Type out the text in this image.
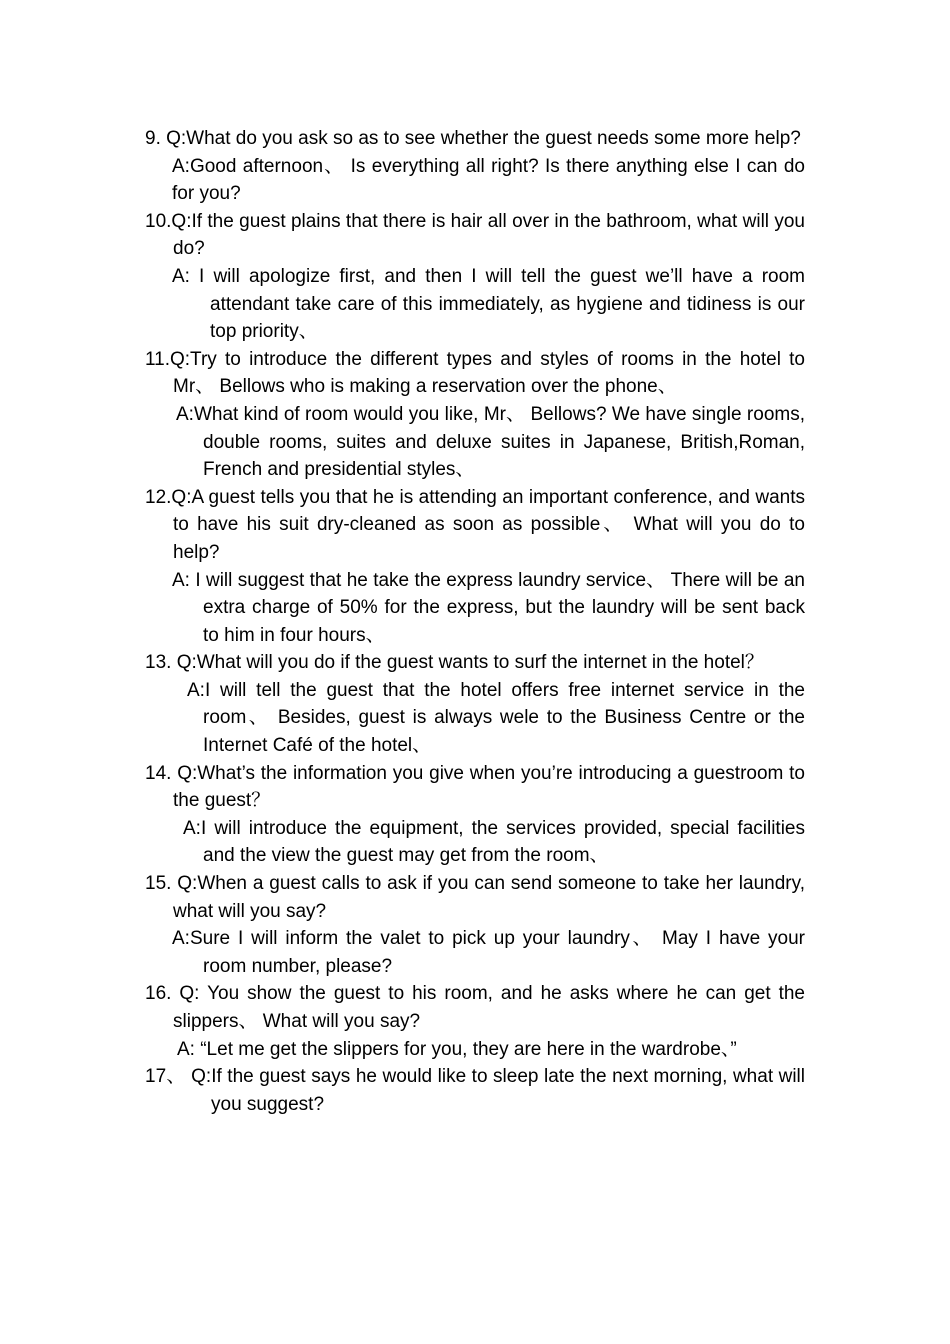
9. Q:What do you ask so as to see whether the guest needs some more help?
A:Good afternoon、 Is everything all right? Is there anything else I can do for you?
10.Q:If the guest plains that there is hair all over in the bathroom, what will you do?
A: I will apologize first, and then I will tell the guest we’ll have a room attendant take care of this immediately, as hygiene and tidiness is our top priority、
11.Q:Try to introduce the different types and styles of rooms in the hotel to Mr、 Bellows who is making a reservation over the phone、
A:What kind of room would you like, Mr、 Bellows? We have single rooms, double rooms, suites and deluxe suites in Japanese, British,Roman, French and presidential styles、
12.Q:A guest tells you that he is attending an important conference, and wants to have his suit dry-cleaned as soon as possible、 What will you do to help?
A: I will suggest that he take the express laundry service、 There will be an extra charge of 50% for the express, but the laundry will be sent back to him in four hours、
13. Q:What will you do if the guest wants to surf the internet in the hotel？
A:I will tell the guest that the hotel offers free internet service in the room、 Besides, guest is always wele to the Business Centre or the Internet Café of the hotel、
14. Q:What’s the information you give when you’re introducing a guestroom to the guest？
A:I will introduce the equipment, the services provided, special facilities and the view the guest may get from the room、
15. Q:When a guest calls to ask if you can send someone to take her laundry, what will you say?
A:Sure I will inform the valet to pick up your laundry、 May I have your room number, please?
16. Q: You show the guest to his room, and he asks where he can get the slippers、 What will you say?
A: “Let me get the slippers for you, they are here in the wardrobe、”
17、 Q:If the guest says he would like to sleep late the next morning, what will you suggest?
